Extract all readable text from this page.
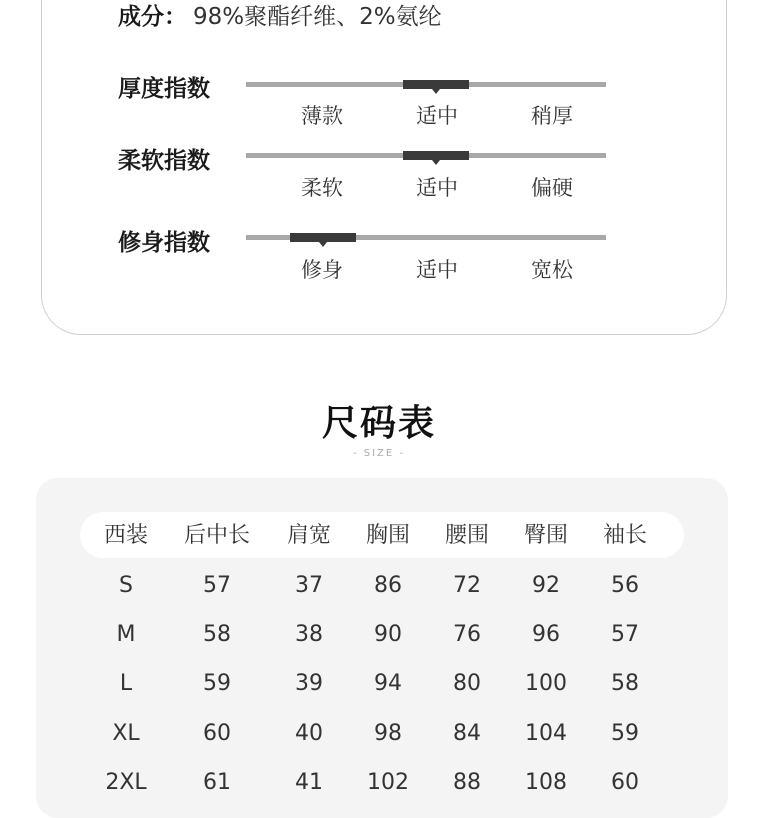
成分： 98%聚酯纤维、2%氨纶
厚度指数
薄款	适中	稍厚
柔软指数
柔软	适中	偏硬
修身指数
修身	适中	宽松
尺码表
- SIZE -
西装	后中长	肩宽	胸围	腰围	臀围	袖长
S	57	37	86	72	92	56
M	58	38	90	76	96	57
L	59	39	94	80	100	58
XL	60	40	98	84	104	59
2XL	61	41	102	88	108	60
